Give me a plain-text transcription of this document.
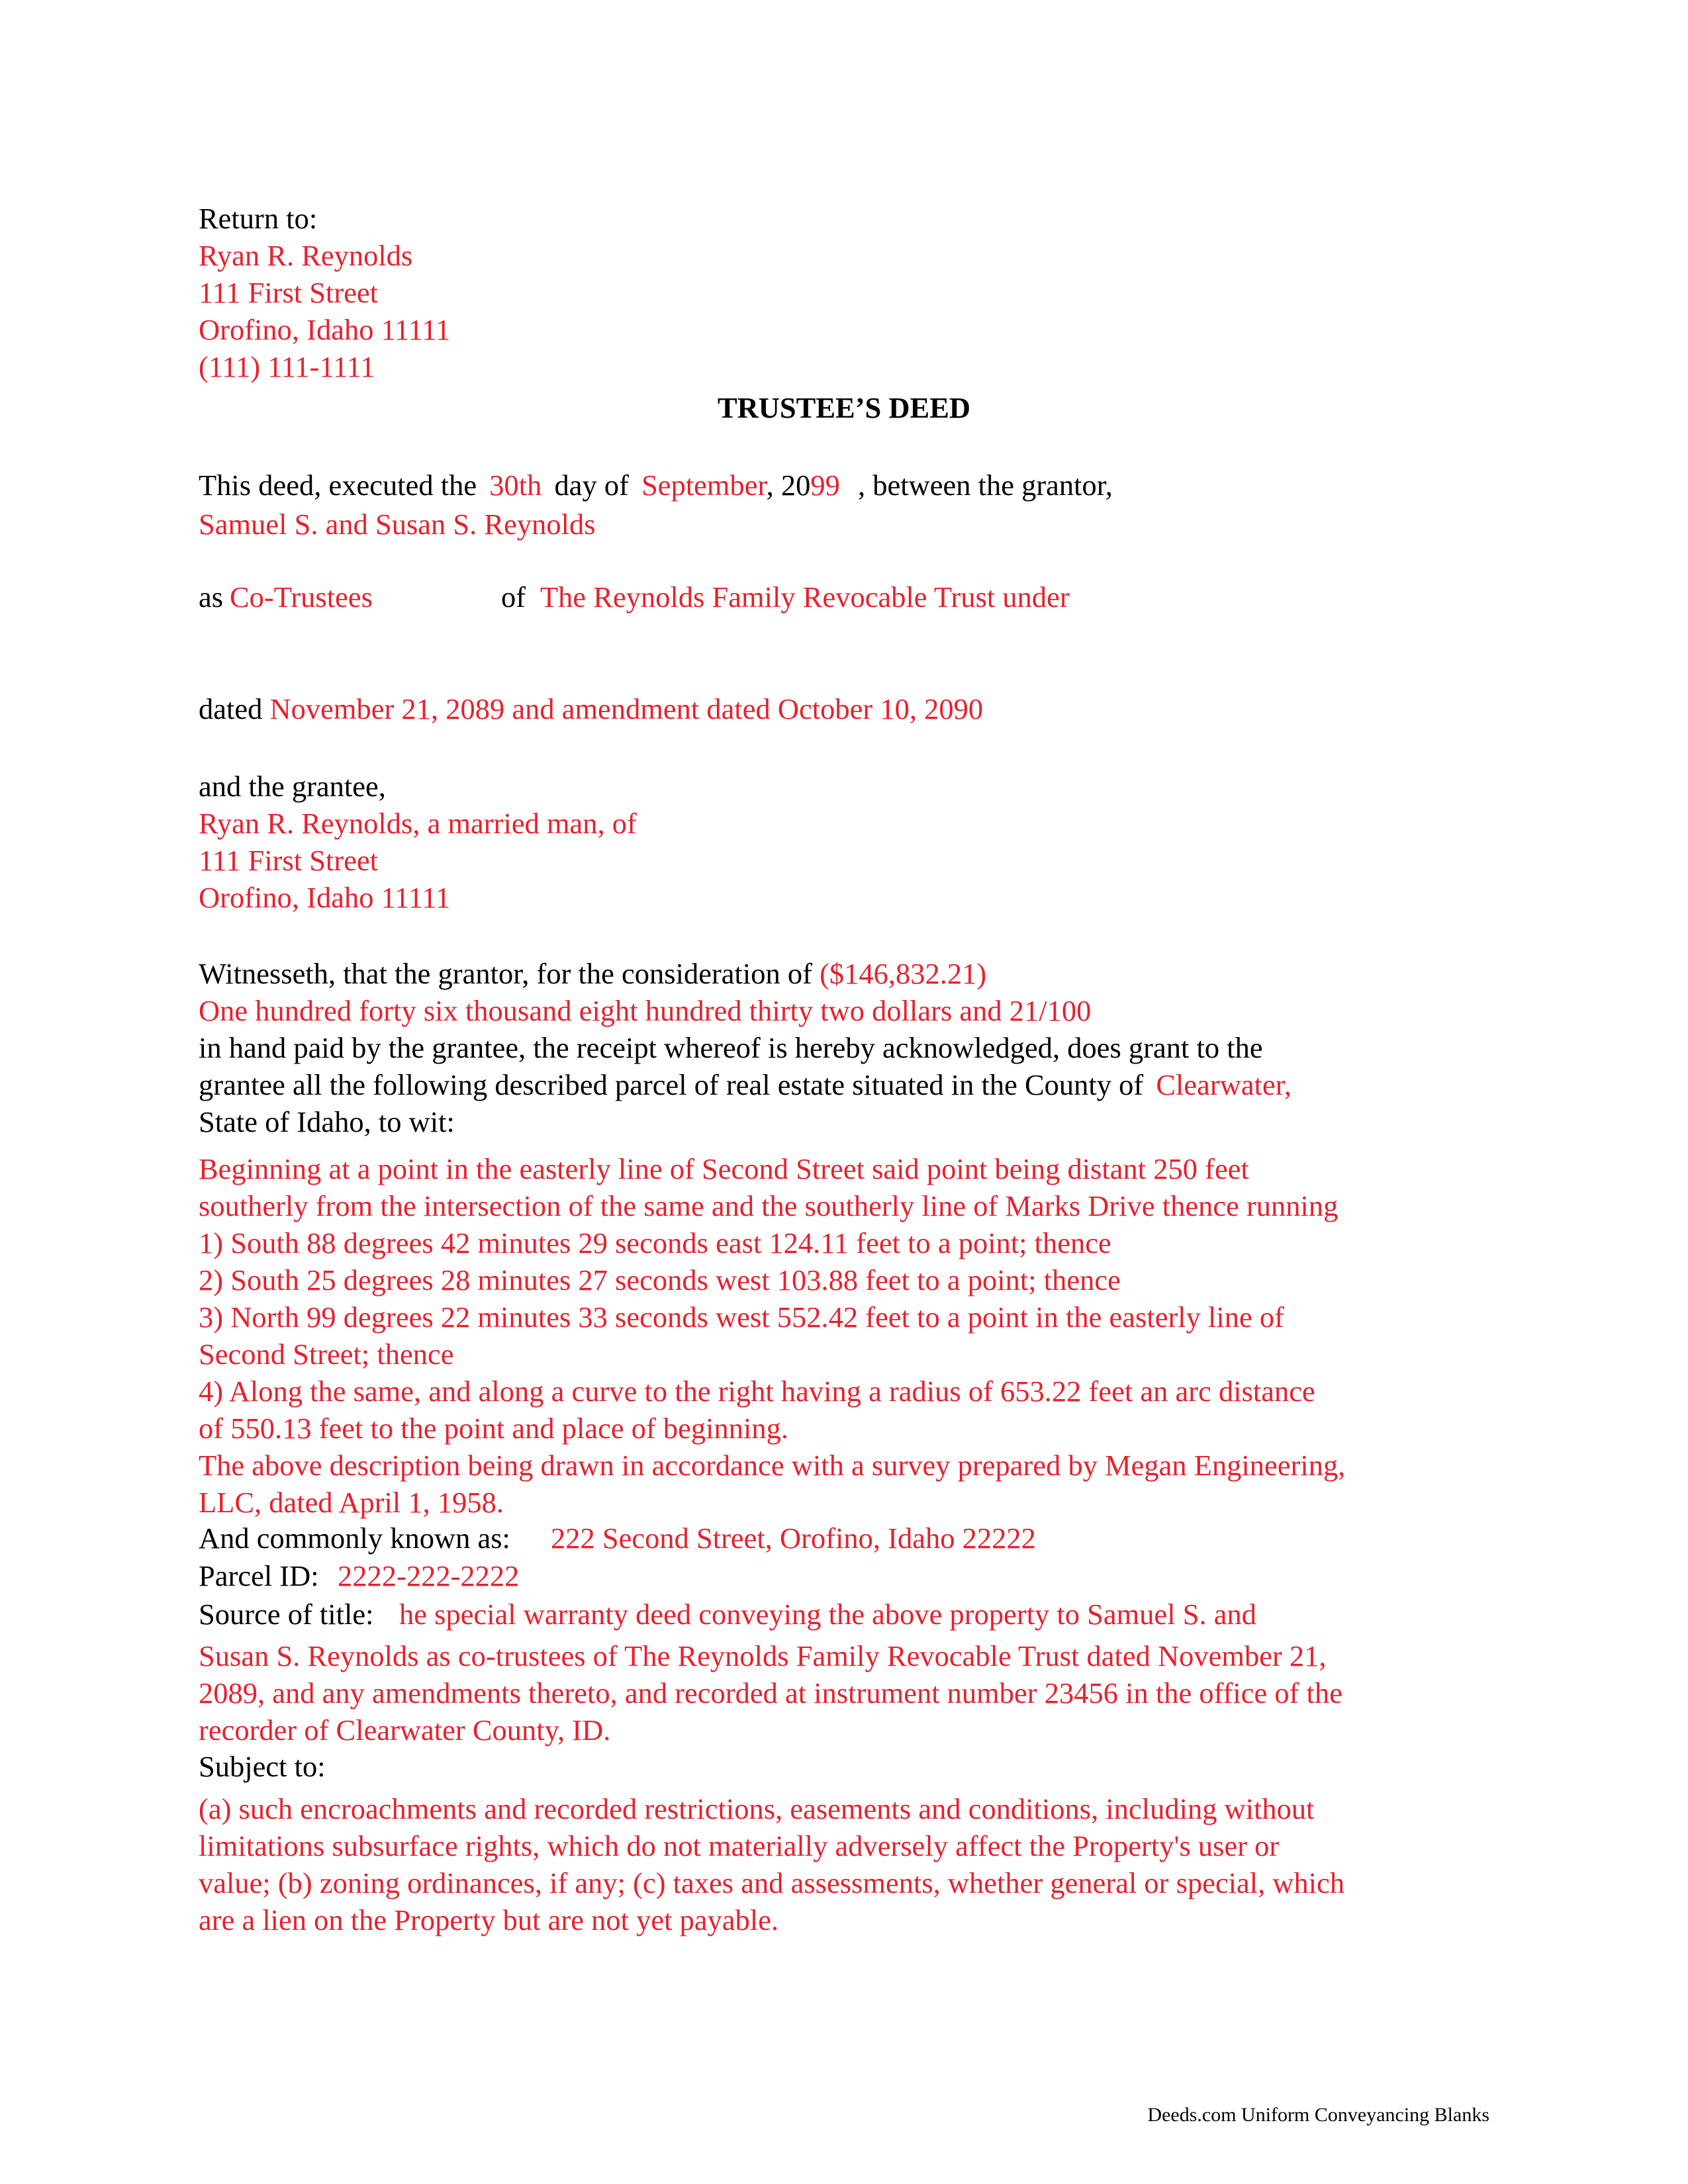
Return to:
Ryan R. Reynolds
111 First Street
Orofino, Idaho 11111
(111) 111-1111
TRUSTEE’S DEED
This deed, executed the 30th day of September, 2099 , between the grantor,
Samuel S. and Susan S. Reynolds
as Co-Trustees	of The Reynolds Family Revocable Trust under
dated November 21, 2089 and amendment dated October 10, 2090
and the grantee,
Ryan R. Reynolds, a married man, of
111 First Street
Orofino, Idaho 11111
Witnesseth, that the grantor, for the consideration of ($146,832.21)
One hundred forty six thousand eight hundred thirty two dollars and 21/100
in hand paid by the grantee, the receipt whereof is hereby acknowledged, does grant to the
grantee all the following described parcel of real estate situated in the County of Clearwater,
State of Idaho, to wit:
Beginning at a point in the easterly line of Second Street said point being distant 250 feet
southerly from the intersection of the same and the southerly line of Marks Drive thence running
1) South 88 degrees 42 minutes 29 seconds east 124.11 feet to a point; thence
2) South 25 degrees 28 minutes 27 seconds west 103.88 feet to a point; thence
3) North 99 degrees 22 minutes 33 seconds west 552.42 feet to a point in the easterly line of
Second Street; thence
4) Along the same, and along a curve to the right having a radius of 653.22 feet an arc distance
of 550.13 feet to the point and place of beginning.
The above description being drawn in accordance with a survey prepared by Megan Engineering,
LLC, dated April 1, 1958.
And commonly known as: 222 Second Street, Orofino, Idaho 22222
Parcel ID: 2222-222-2222
Source of title: he special warranty deed conveying the above property to Samuel S. and
Susan S. Reynolds as co-trustees of The Reynolds Family Revocable Trust dated November 21,
2089, and any amendments thereto, and recorded at instrument number 23456 in the office of the
recorder of Clearwater County, ID.
Subject to:
(a) such encroachments and recorded restrictions, easements and conditions, including without
limitations subsurface rights, which do not materially adversely affect the Property's user or
value; (b) zoning ordinances, if any; (c) taxes and assessments, whether general or special, which
are a lien on the Property but are not yet payable.
Deeds.com Uniform Conveyancing Blanks
